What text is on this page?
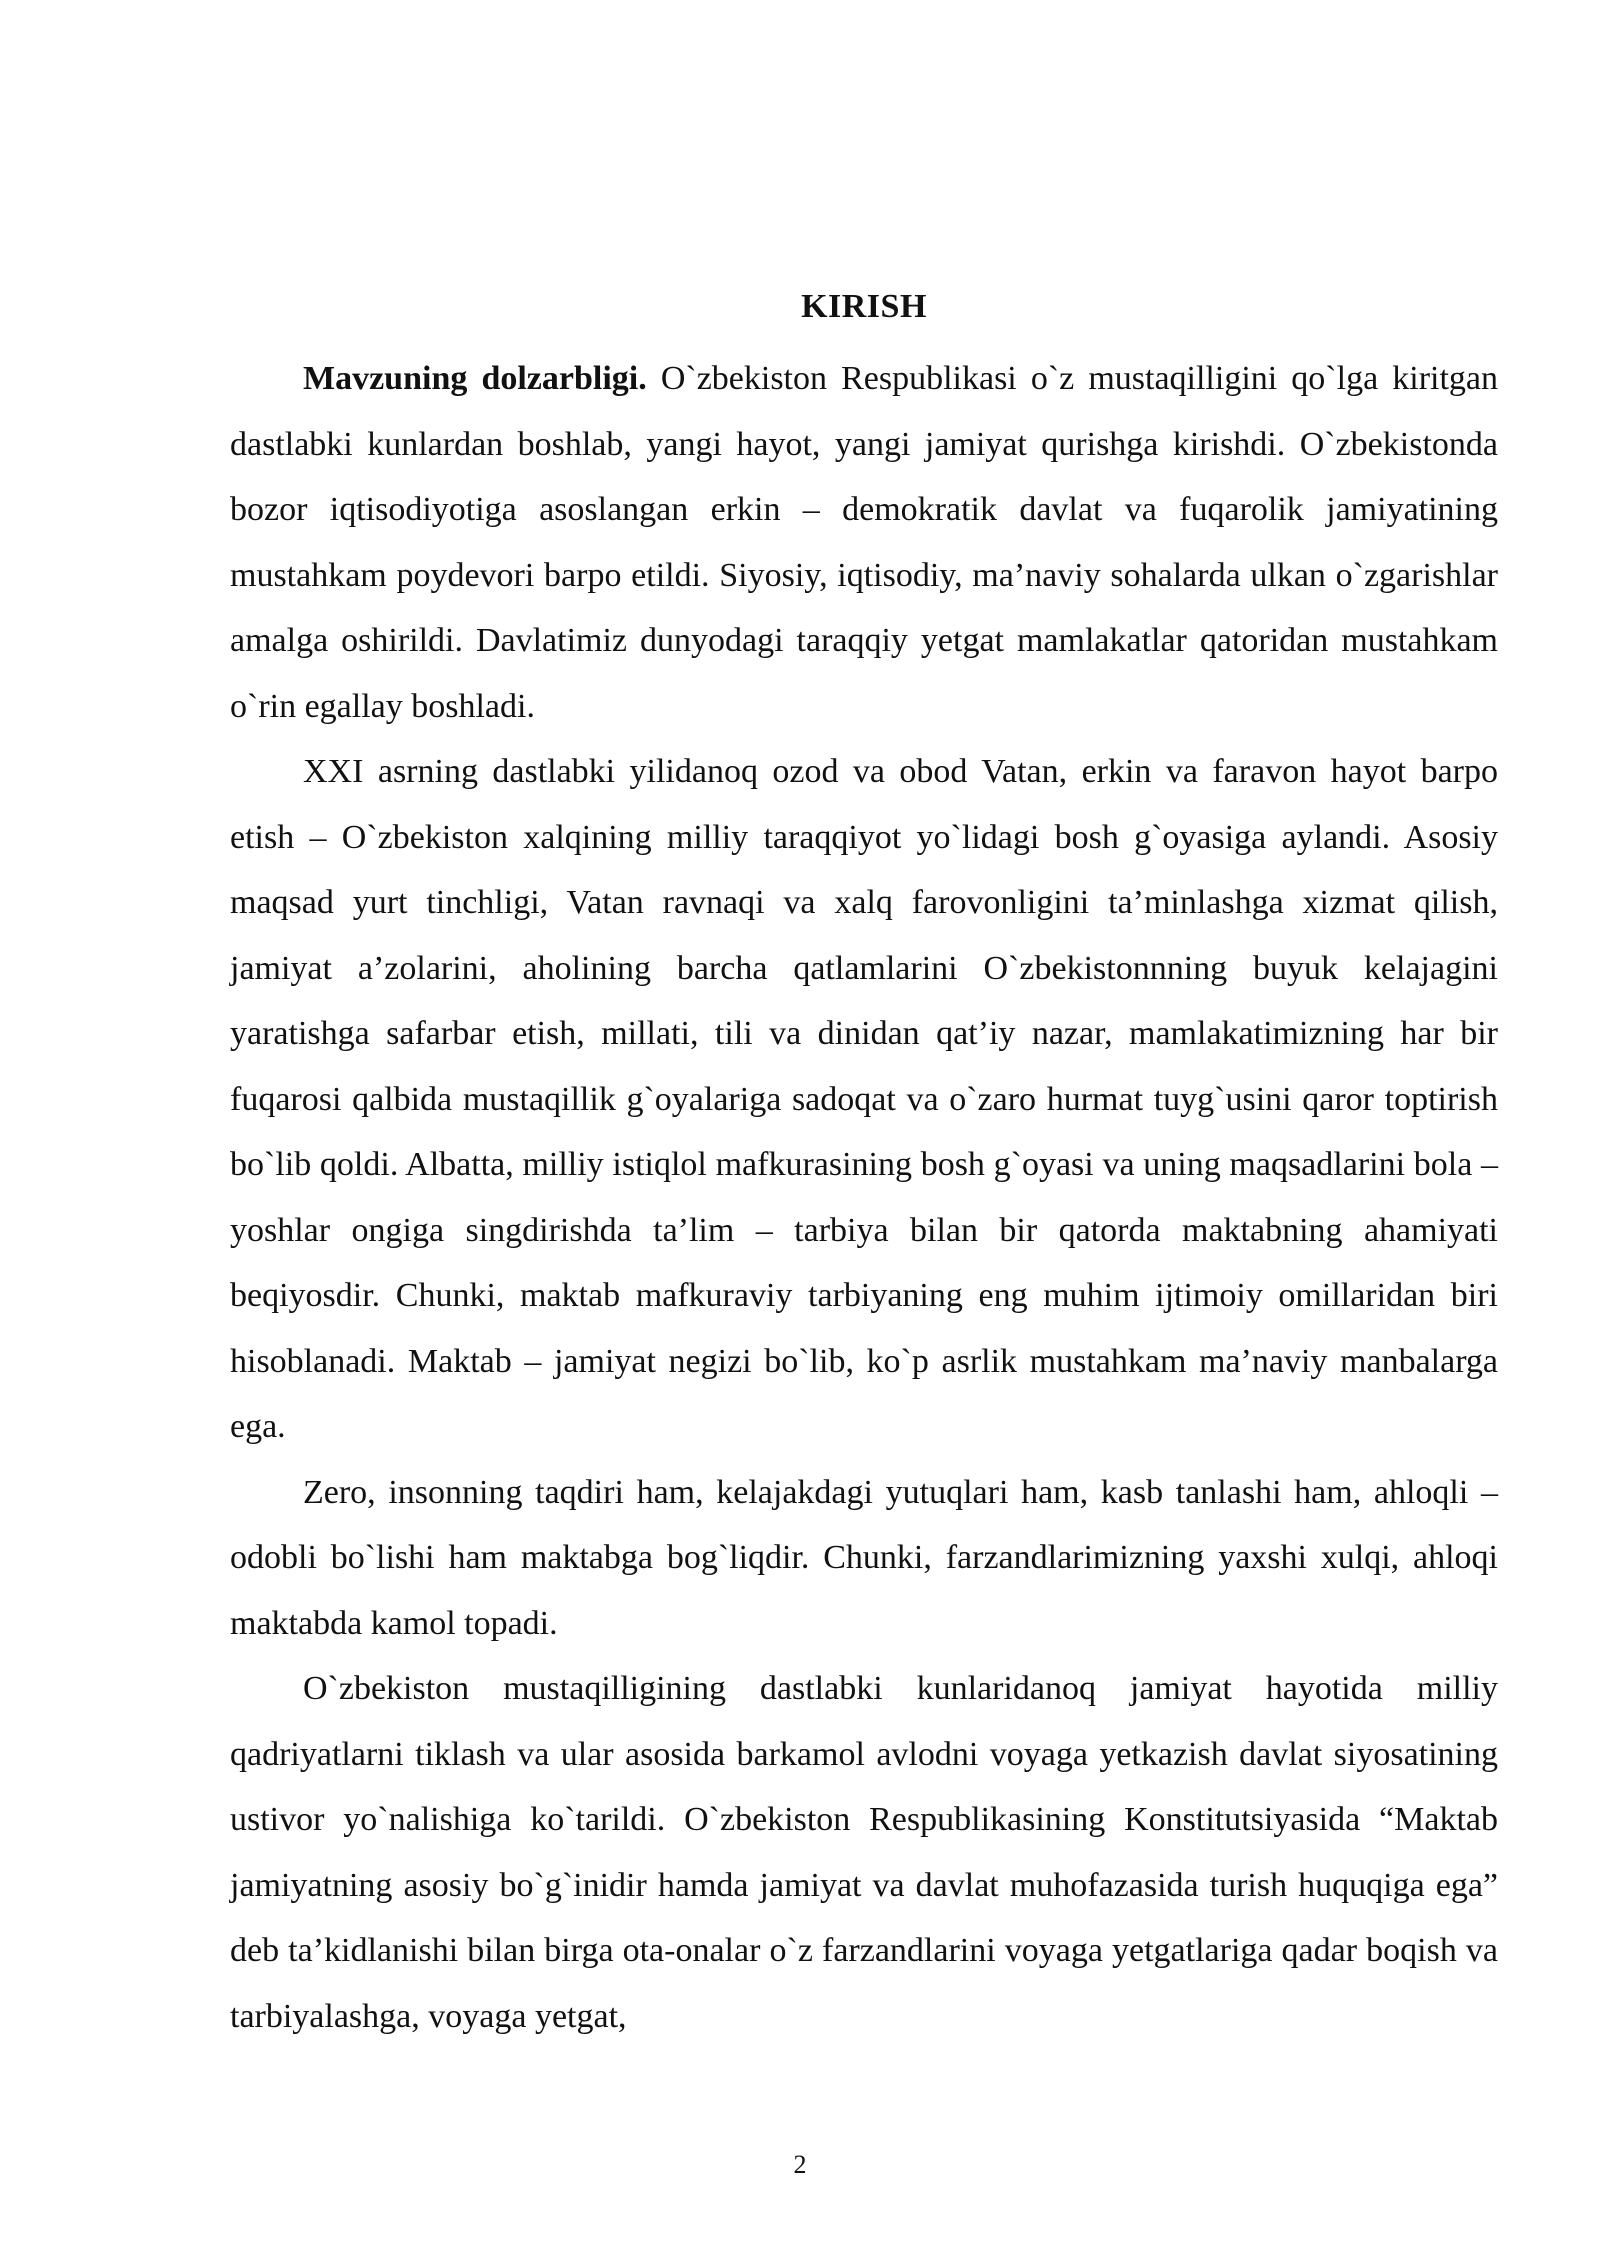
KIRISH

Mavzuning dolzarbligi. O`zbekiston Respublikasi o`z mustaqilligini qo`lga kiritgan dastlabki kunlardan boshlab, yangi hayot, yangi jamiyat qurishga kirishdi. O`zbekistonda bozor iqtisodiyotiga asoslangan erkin – demokratik davlat va fuqarolik jamiyatining mustahkam poydevori barpo etildi. Siyosiy, iqtisodiy, ma’naviy sohalarda ulkan o`zgarishlar amalga oshirildi. Davlatimiz dunyodagi taraqqiy yetgat mamlakatlar qatoridan mustahkam o`rin egallay boshladi.

XXI asrning dastlabki yilidanoq ozod va obod Vatan, erkin va faravon hayot barpo etish – O`zbekiston xalqining milliy taraqqiyot yo`lidagi bosh g`oyasiga aylandi. Asosiy maqsad yurt tinchligi, Vatan ravnaqi va xalq farovonligini ta’minlashga xizmat qilish, jamiyat a’zolarini, aholining barcha qatlamlarini O`zbekistonnning buyuk kelajagini yaratishga safarbar etish, millati, tili va dinidan qat’iy nazar, mamlakatimizning har bir fuqarosi qalbida mustaqillik g`oyalariga sadoqat va o`zaro hurmat tuyg`usini qaror toptirish bo`lib qoldi. Albatta, milliy istiqlol mafkurasining bosh g`oyasi va uning maqsadlarini bola – yoshlar ongiga singdirishda ta’lim – tarbiya bilan bir qatorda maktabning ahamiyati beqiyosdir. Chunki, maktab mafkuraviy tarbiyaning eng muhim ijtimoiy omillaridan biri hisoblanadi. Maktab – jamiyat negizi bo`lib, ko`p asrlik mustahkam ma’naviy manbalarga ega.

Zero, insonning taqdiri ham, kelajakdagi yutuqlari ham, kasb tanlashi ham, ahloqli – odobli bo`lishi ham maktabga bog`liqdir. Chunki, farzandlarimizning yaxshi xulqi, ahloqi maktabda kamol topadi.

O`zbekiston mustaqilligining dastlabki kunlaridanoq jamiyat hayotida milliy qadriyatlarni tiklash va ular asosida barkamol avlodni voyaga yetkazish davlat siyosatining ustivor yo`nalishiga ko`tarildi. O`zbekiston Respublikasining Konstitutsiyasida “Maktab jamiyatning asosiy bo`g`inidir hamda jamiyat va davlat muhofazasida turish huquqiga ega” deb ta’kidlanishi bilan birga ota-onalar o`z farzandlarini voyaga yetgatlariga qadar boqish va tarbiyalashga, voyaga yetgat,

2
